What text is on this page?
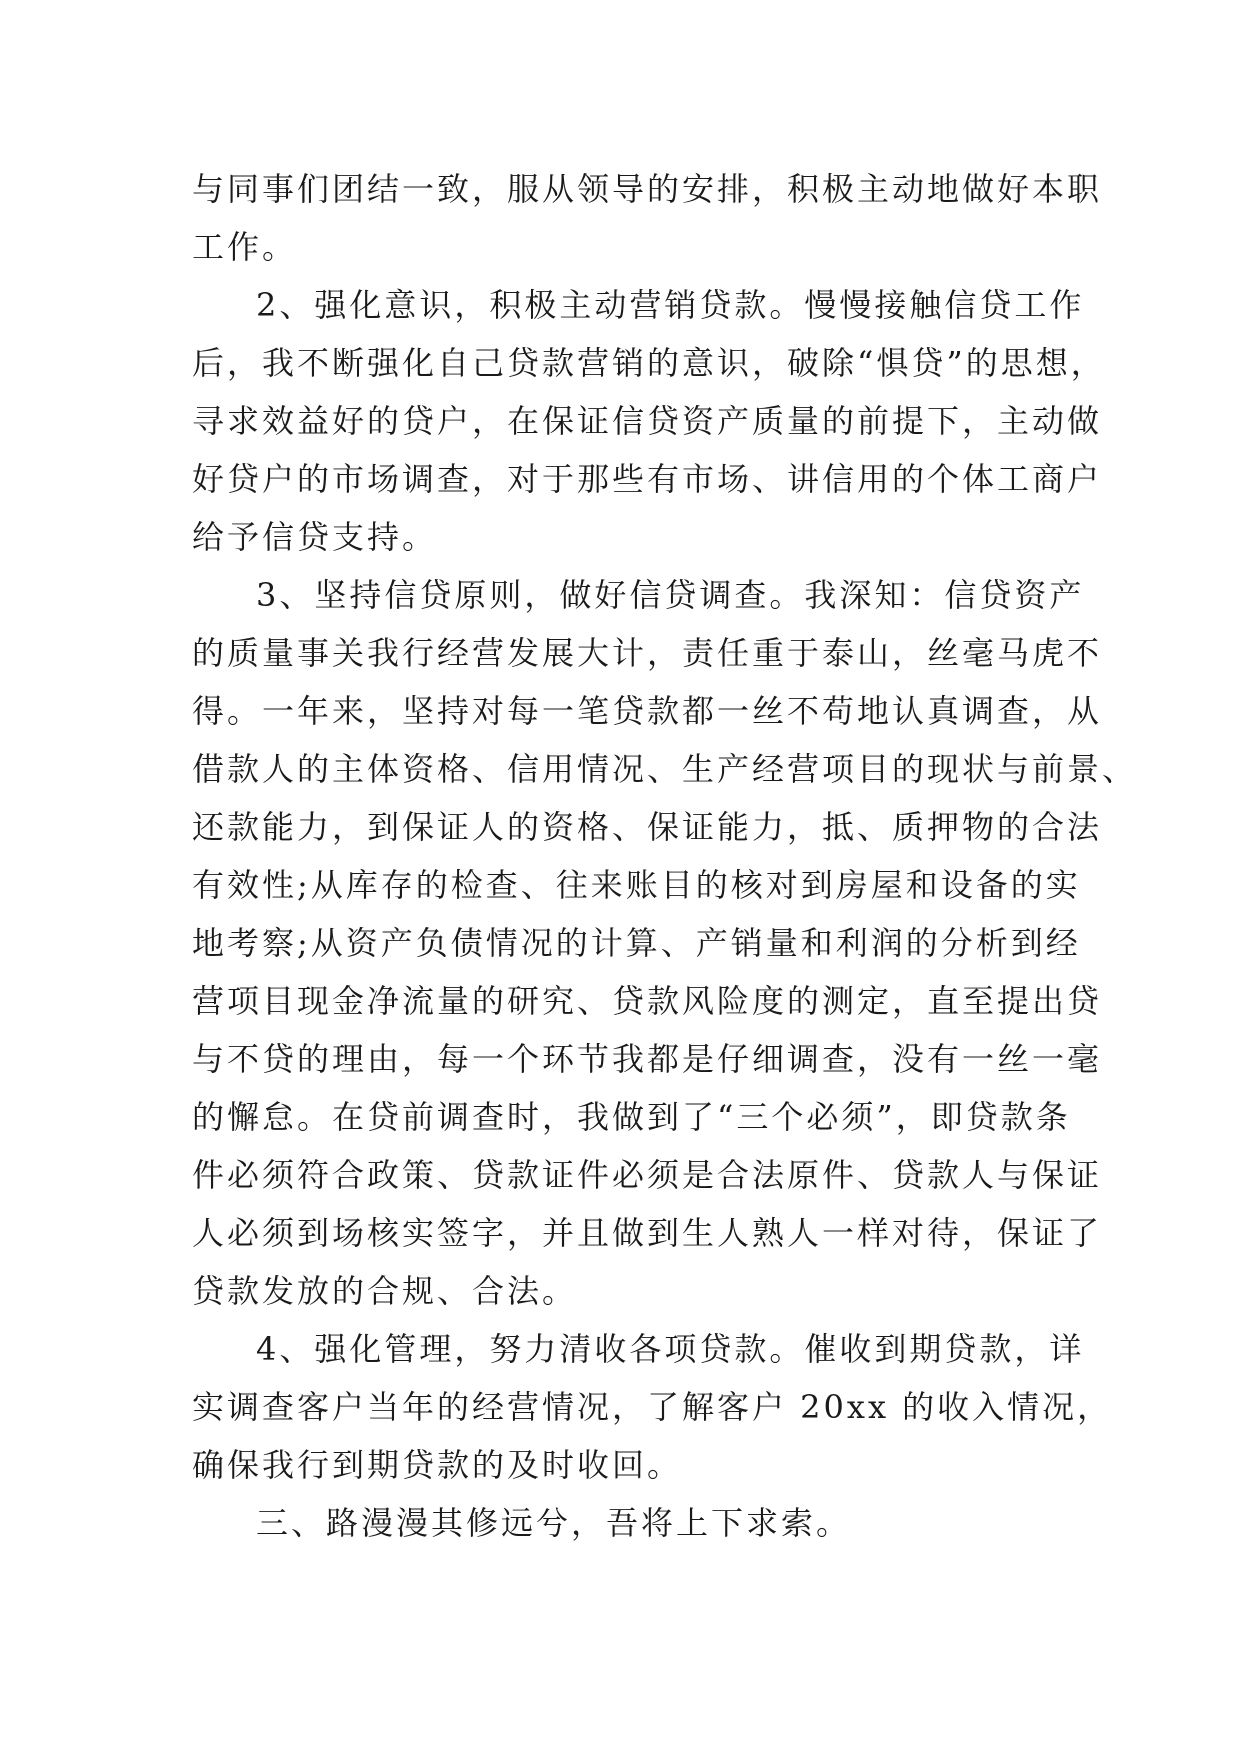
与同事们团结一致，服从领导的安排，积极主动地做好本职

工作。

2、强化意识，积极主动营销贷款。慢慢接触信贷工作

后，我不断强化自己贷款营销的意识，破除“惧贷”的思想，

寻求效益好的贷户，在保证信贷资产质量的前提下，主动做

好贷户的市场调查，对于那些有市场、讲信用的个体工商户

给予信贷支持。

3、坚持信贷原则，做好信贷调查。我深知：信贷资产

的质量事关我行经营发展大计，责任重于泰山，丝毫马虎不

得。一年来，坚持对每一笔贷款都一丝不苟地认真调查，从

借款人的主体资格、信用情况、生产经营项目的现状与前景、

还款能力，到保证人的资格、保证能力，抵、质押物的合法

有效性;从库存的检查、往来账目的核对到房屋和设备的实

地考察;从资产负债情况的计算、产销量和利润的分析到经

营项目现金净流量的研究、贷款风险度的测定，直至提出贷

与不贷的理由，每一个环节我都是仔细调查，没有一丝一毫

的懈怠。在贷前调查时，我做到了“三个必须”，即贷款条

件必须符合政策、贷款证件必须是合法原件、贷款人与保证

人必须到场核实签字，并且做到生人熟人一样对待，保证了

贷款发放的合规、合法。

4、强化管理，努力清收各项贷款。催收到期贷款，详

实调查客户当年的经营情况，了解客户 20xx 的收入情况，

确保我行到期贷款的及时收回。

三、路漫漫其修远兮，吾将上下求索。
